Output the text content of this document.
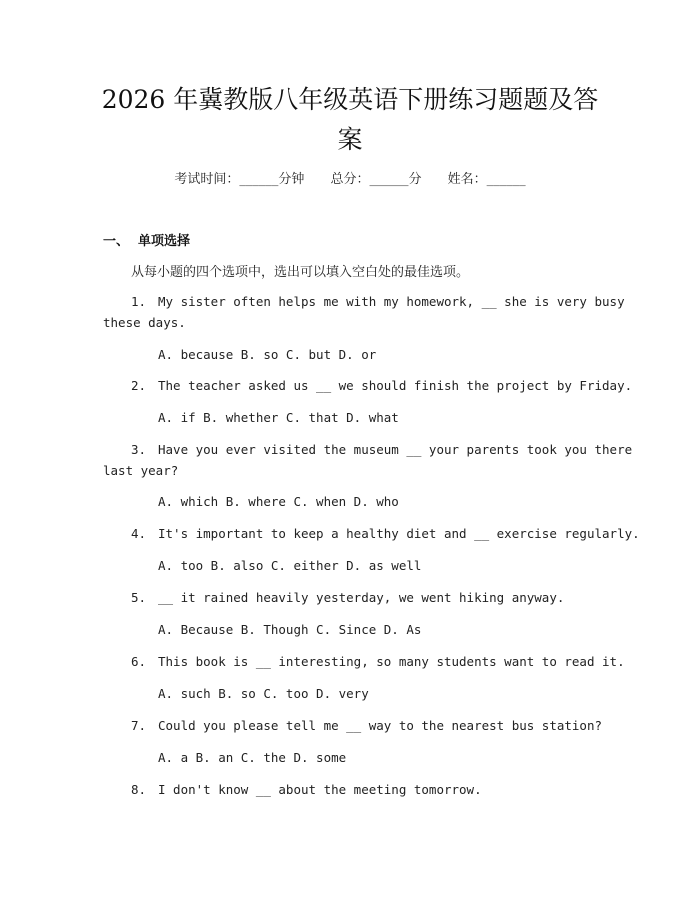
2026 年冀教版八年级英语下册练习题题及答
案
考试时间：______分钟 总分：______分 姓名：______
一、 单项选择
从每小题的四个选项中，选出可以填入空白处的最佳选项。
1. My sister often helps me with my homework, __ she is very busy
these days.
A. because B. so C. but D. or
2. The teacher asked us __ we should finish the project by Friday.
A. if B. whether C. that D. what
3. Have you ever visited the museum __ your parents took you there
last year?
A. which B. where C. when D. who
4. It's important to keep a healthy diet and __ exercise regularly.
A. too B. also C. either D. as well
5. __ it rained heavily yesterday, we went hiking anyway.
A. Because B. Though C. Since D. As
6. This book is __ interesting, so many students want to read it.
A. such B. so C. too D. very
7. Could you please tell me __ way to the nearest bus station?
A. a B. an C. the D. some
8. I don't know __ about the meeting tomorrow.
